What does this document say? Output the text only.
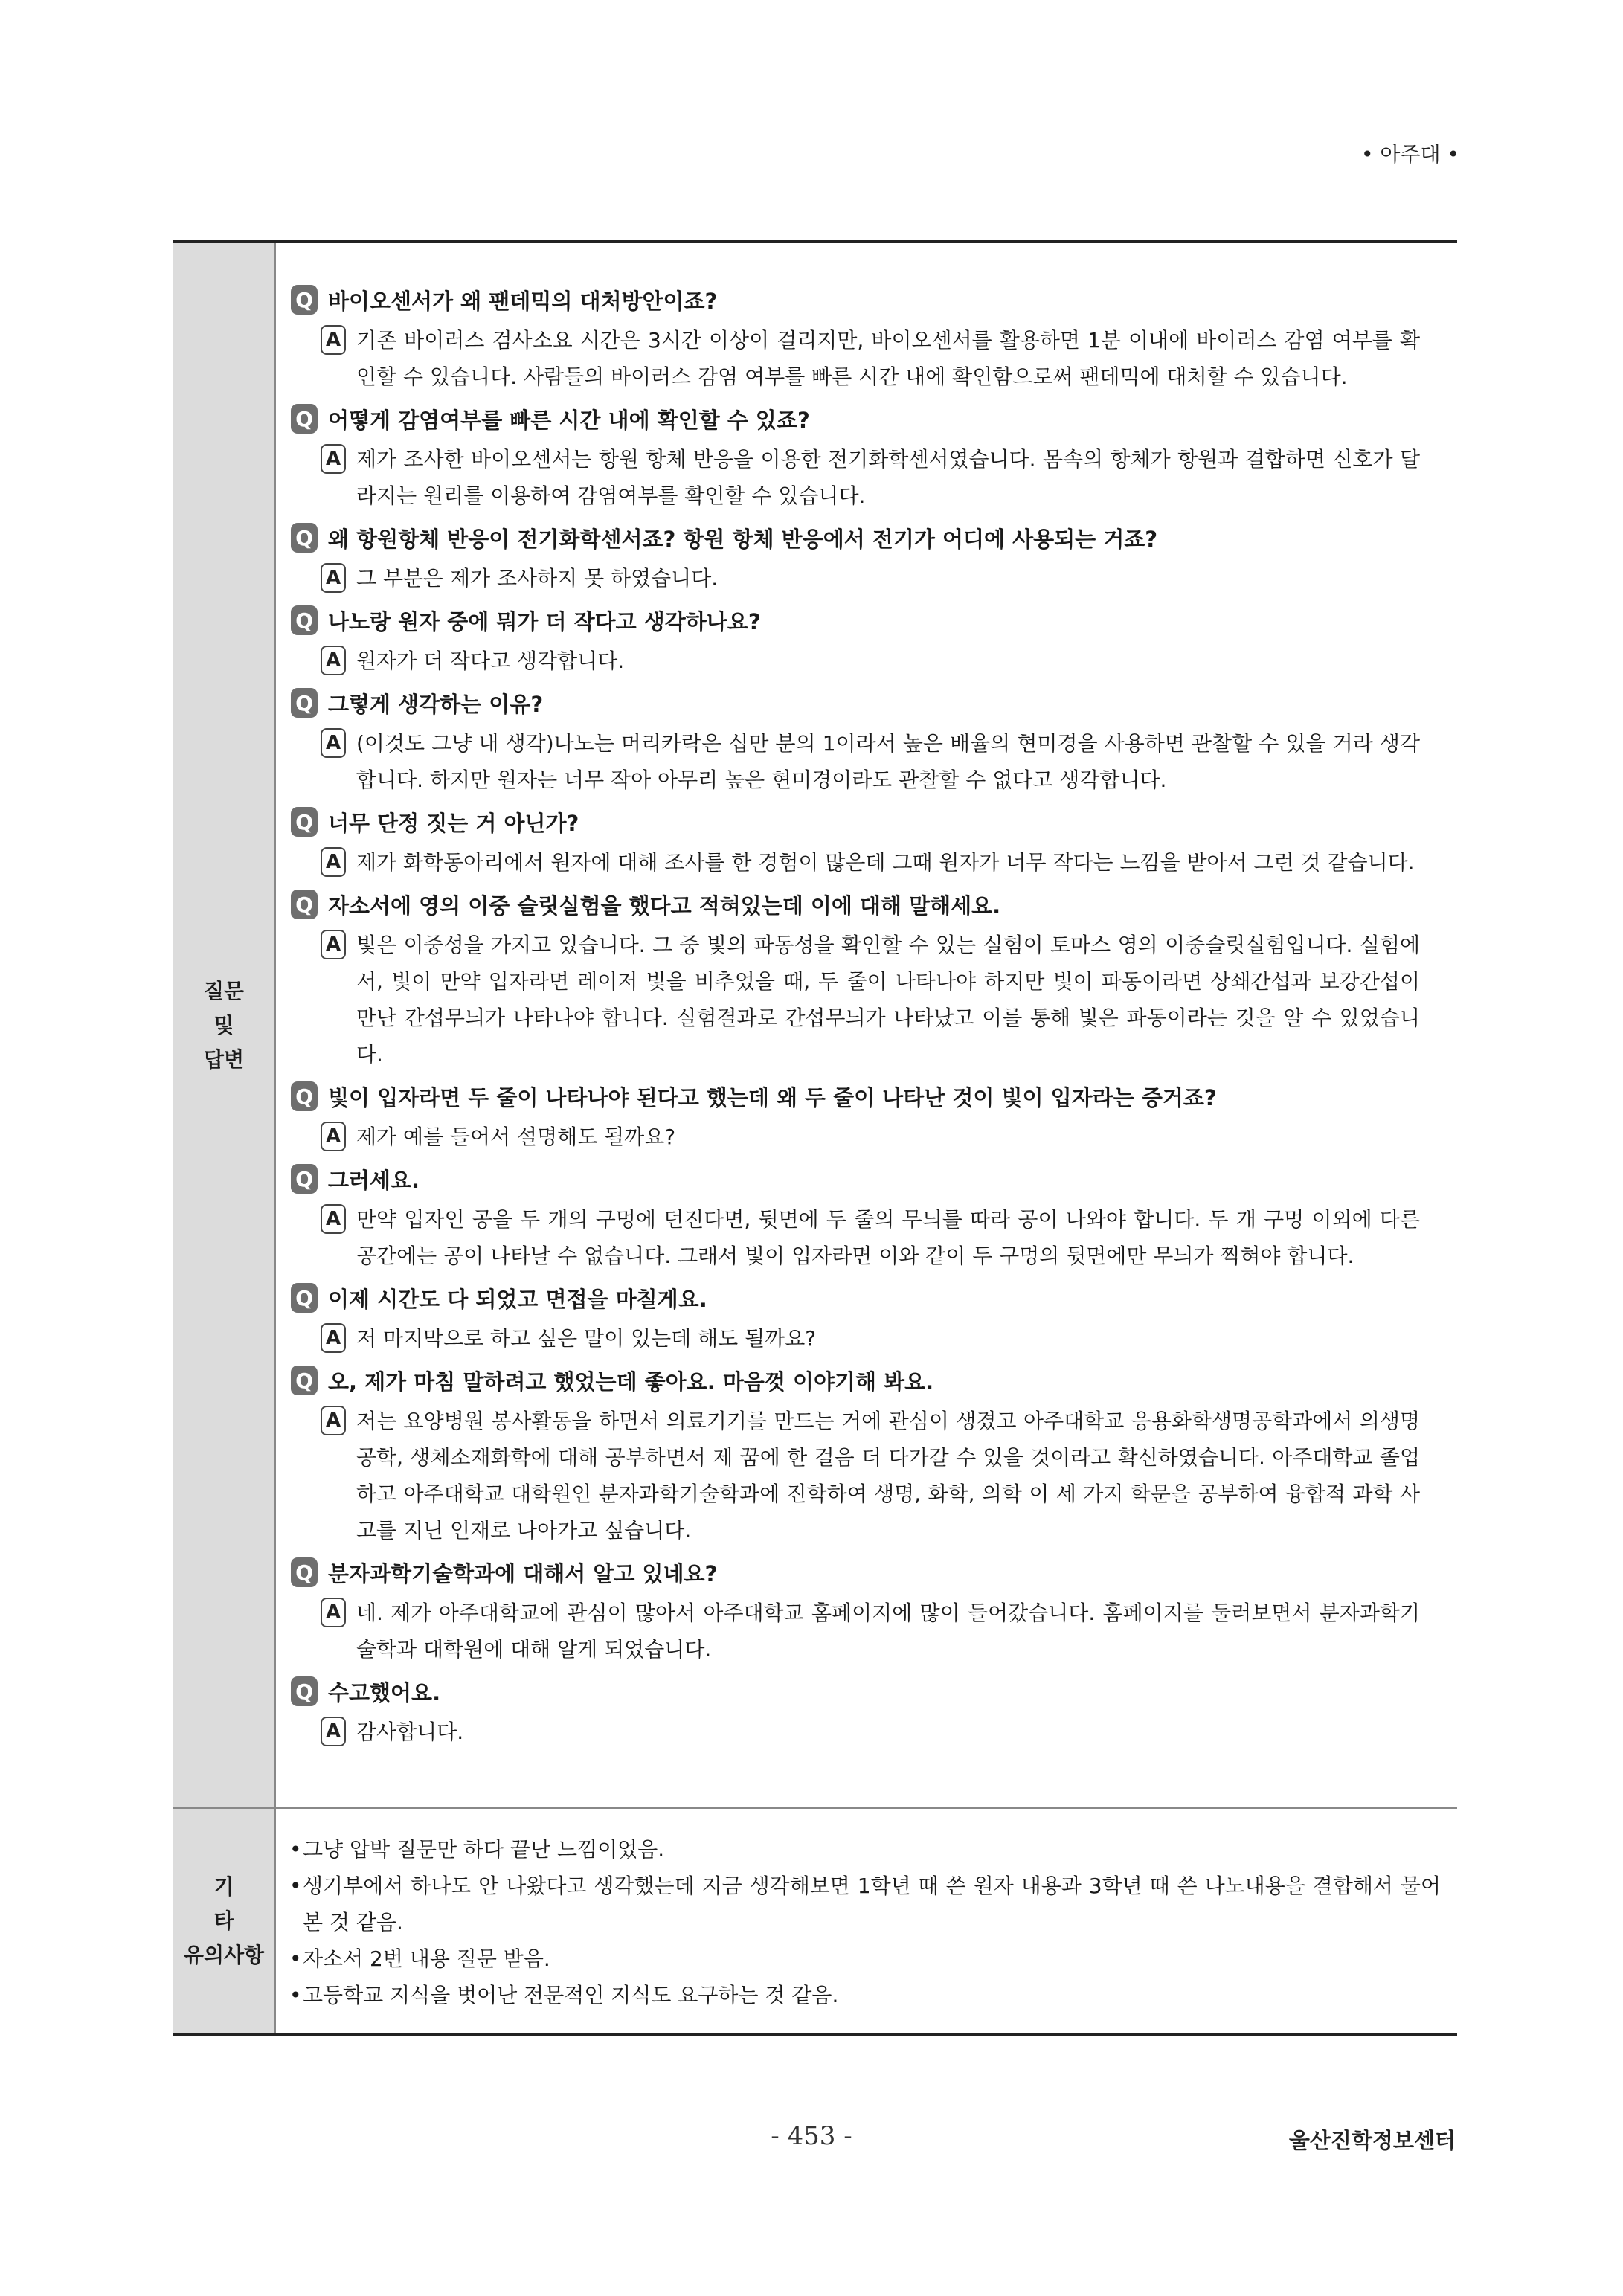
• 아주대 •
질문
및
답변
Q 바이오센서가 왜 팬데믹의 대처방안이죠?
A 기존 바이러스 검사소요 시간은 3시간 이상이 걸리지만, 바이오센서를 활용하면 1분 이내에 바이러스 감염 여부를 확인할 수 있습니다. 사람들의 바이러스 감염 여부를 빠른 시간 내에 확인함으로써 팬데믹에 대처할 수 있습니다.
Q 어떻게 감염여부를 빠른 시간 내에 확인할 수 있죠?
A 제가 조사한 바이오센서는 항원 항체 반응을 이용한 전기화학센서였습니다. 몸속의 항체가 항원과 결합하면 신호가 달라지는 원리를 이용하여 감염여부를 확인할 수 있습니다.
Q 왜 항원항체 반응이 전기화학센서죠? 항원 항체 반응에서 전기가 어디에 사용되는 거죠?
A 그 부분은 제가 조사하지 못 하였습니다.
Q 나노랑 원자 중에 뭐가 더 작다고 생각하나요?
A 원자가 더 작다고 생각합니다.
Q 그렇게 생각하는 이유?
A (이것도 그냥 내 생각)나노는 머리카락은 십만 분의 1이라서 높은 배율의 현미경을 사용하면 관찰할 수 있을 거라 생각합니다. 하지만 원자는 너무 작아 아무리 높은 현미경이라도 관찰할 수 없다고 생각합니다.
Q 너무 단정 짓는 거 아닌가?
A 제가 화학동아리에서 원자에 대해 조사를 한 경험이 많은데 그때 원자가 너무 작다는 느낌을 받아서 그런 것 같습니다.
Q 자소서에 영의 이중 슬릿실험을 했다고 적혀있는데 이에 대해 말해세요.
A 빛은 이중성을 가지고 있습니다. 그 중 빛의 파동성을 확인할 수 있는 실험이 토마스 영의 이중슬릿실험입니다. 실험에서, 빛이 만약 입자라면 레이저 빛을 비추었을 때, 두 줄이 나타나야 하지만 빛이 파동이라면 상쇄간섭과 보강간섭이 만난 간섭무늬가 나타나야 합니다. 실험결과로 간섭무늬가 나타났고 이를 통해 빛은 파동이라는 것을 알 수 있었습니다.
Q 빛이 입자라면 두 줄이 나타나야 된다고 했는데 왜 두 줄이 나타난 것이 빛이 입자라는 증거죠?
A 제가 예를 들어서 설명해도 될까요?
Q 그러세요.
A 만약 입자인 공을 두 개의 구멍에 던진다면, 뒷면에 두 줄의 무늬를 따라 공이 나와야 합니다. 두 개 구멍 이외에 다른 공간에는 공이 나타날 수 없습니다. 그래서 빛이 입자라면 이와 같이 두 구멍의 뒷면에만 무늬가 찍혀야 합니다.
Q 이제 시간도 다 되었고 면접을 마칠게요.
A 저 마지막으로 하고 싶은 말이 있는데 해도 될까요?
Q 오, 제가 마침 말하려고 했었는데 좋아요. 마음껏 이야기해 봐요.
A 저는 요양병원 봉사활동을 하면서 의료기기를 만드는 거에 관심이 생겼고 아주대학교 응용화학생명공학과에서 의생명공학, 생체소재화학에 대해 공부하면서 제 꿈에 한 걸음 더 다가갈 수 있을 것이라고 확신하였습니다. 아주대학교 졸업하고 아주대학교 대학원인 분자과학기술학과에 진학하여 생명, 화학, 의학 이 세 가지 학문을 공부하여 융합적 과학 사고를 지닌 인재로 나아가고 싶습니다.
Q 분자과학기술학과에 대해서 알고 있네요?
A 네. 제가 아주대학교에 관심이 많아서 아주대학교 홈페이지에 많이 들어갔습니다. 홈페이지를 둘러보면서 분자과학기술학과 대학원에 대해 알게 되었습니다.
Q 수고했어요.
A 감사합니다.
기 타
유의사항
• 그냥 압박 질문만 하다 끝난 느낌이었음.
• 생기부에서 하나도 안 나왔다고 생각했는데 지금 생각해보면 1학년 때 쓴 원자 내용과 3학년 때 쓴 나노내용을 결합해서 물어본 것 같음.
• 자소서 2번 내용 질문 받음.
• 고등학교 지식을 벗어난 전문적인 지식도 요구하는 것 같음.
- 453 -	울산진학정보센터
